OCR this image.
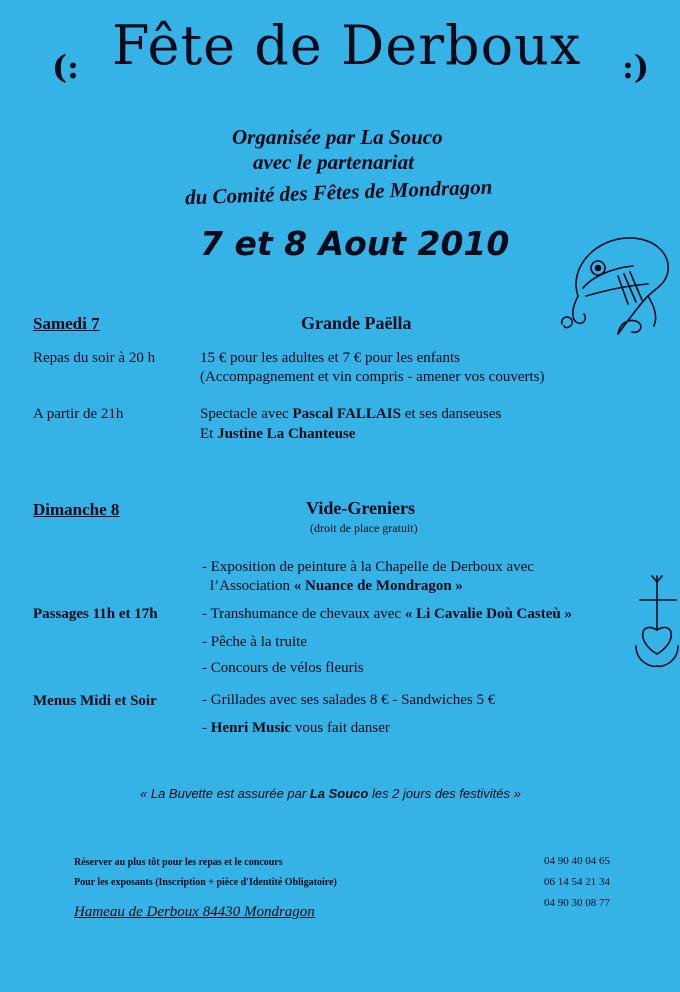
(: Fête de Derboux :)
Organisée par La Souco
avec le partenariat
du Comité des Fêtes de Mondragon
7 et 8 Aout 2010
Samedi 7	Grande Paëlla
Repas du soir à 20 h	15 € pour les adultes et 7 € pour les enfants
(Accompagnement et vin compris - amener vos couverts)
A partir de 21h	Spectacle avec Pascal FALLAIS et ses danseuses
Et Justine La Chanteuse
Dimanche 8	Vide-Greniers
(droit de place gratuit)
- Exposition de peinture à la Chapelle de Derboux avec
l’Association « Nuance de Mondragon »
Passages 11h et 17h	- Transhumance de chevaux avec « Li Cavalie Doù Casteù »
- Pêche à la truite
- Concours de vélos fleuris
Menus Midi et Soir	- Grillades avec ses salades 8 € - Sandwiches 5 €
- Henri Music vous fait danser
« La Buvette est assurée par La Souco les 2 jours des festivités »
Réserver au plus tôt pour les repas et le concours
Pour les exposants (Inscription + pièce d'Identité Obligatoire)
Hameau de Derboux 84430 Mondragon
04 90 40 04 65
06 14 54 21 34
04 90 30 08 77
